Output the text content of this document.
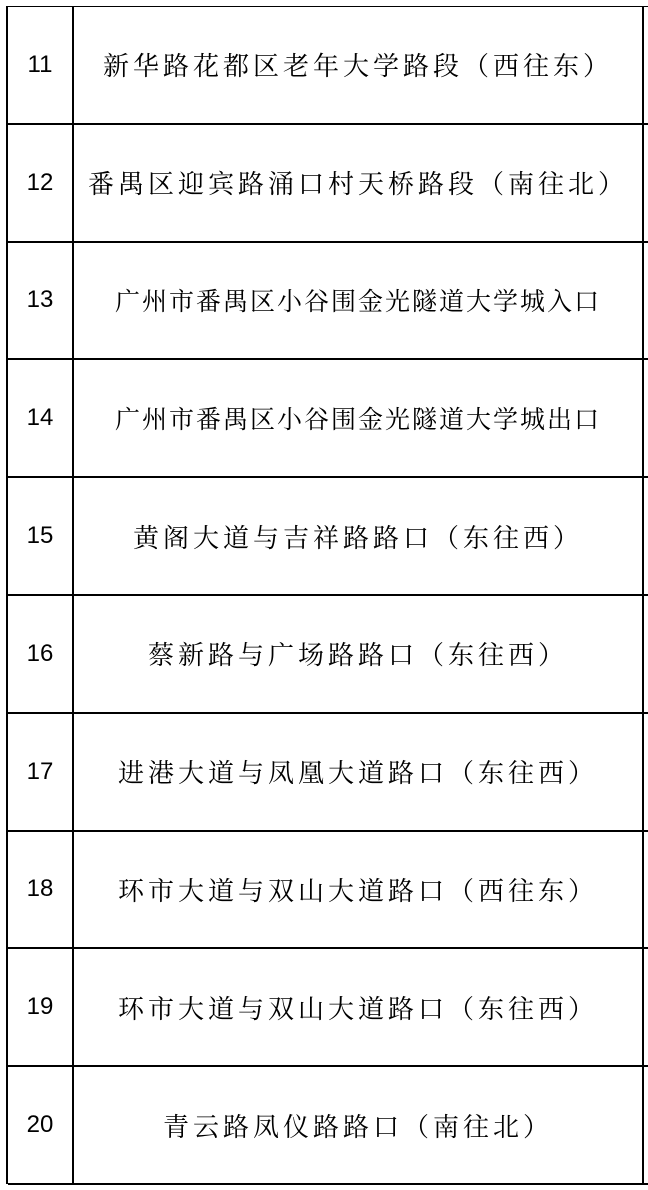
11	新华路花都区老年大学路段（西往东）
12	番禺区迎宾路涌口村天桥路段（南往北）
13	广州市番禺区小谷围金光隧道大学城入口
14	广州市番禺区小谷围金光隧道大学城出口
15	黄阁大道与吉祥路路口（东往西）
16	蔡新路与广场路路口（东往西）
17	进港大道与凤凰大道路口（东往西）
18	环市大道与双山大道路口（西往东）
19	环市大道与双山大道路口（东往西）
20	青云路凤仪路路口（南往北）
